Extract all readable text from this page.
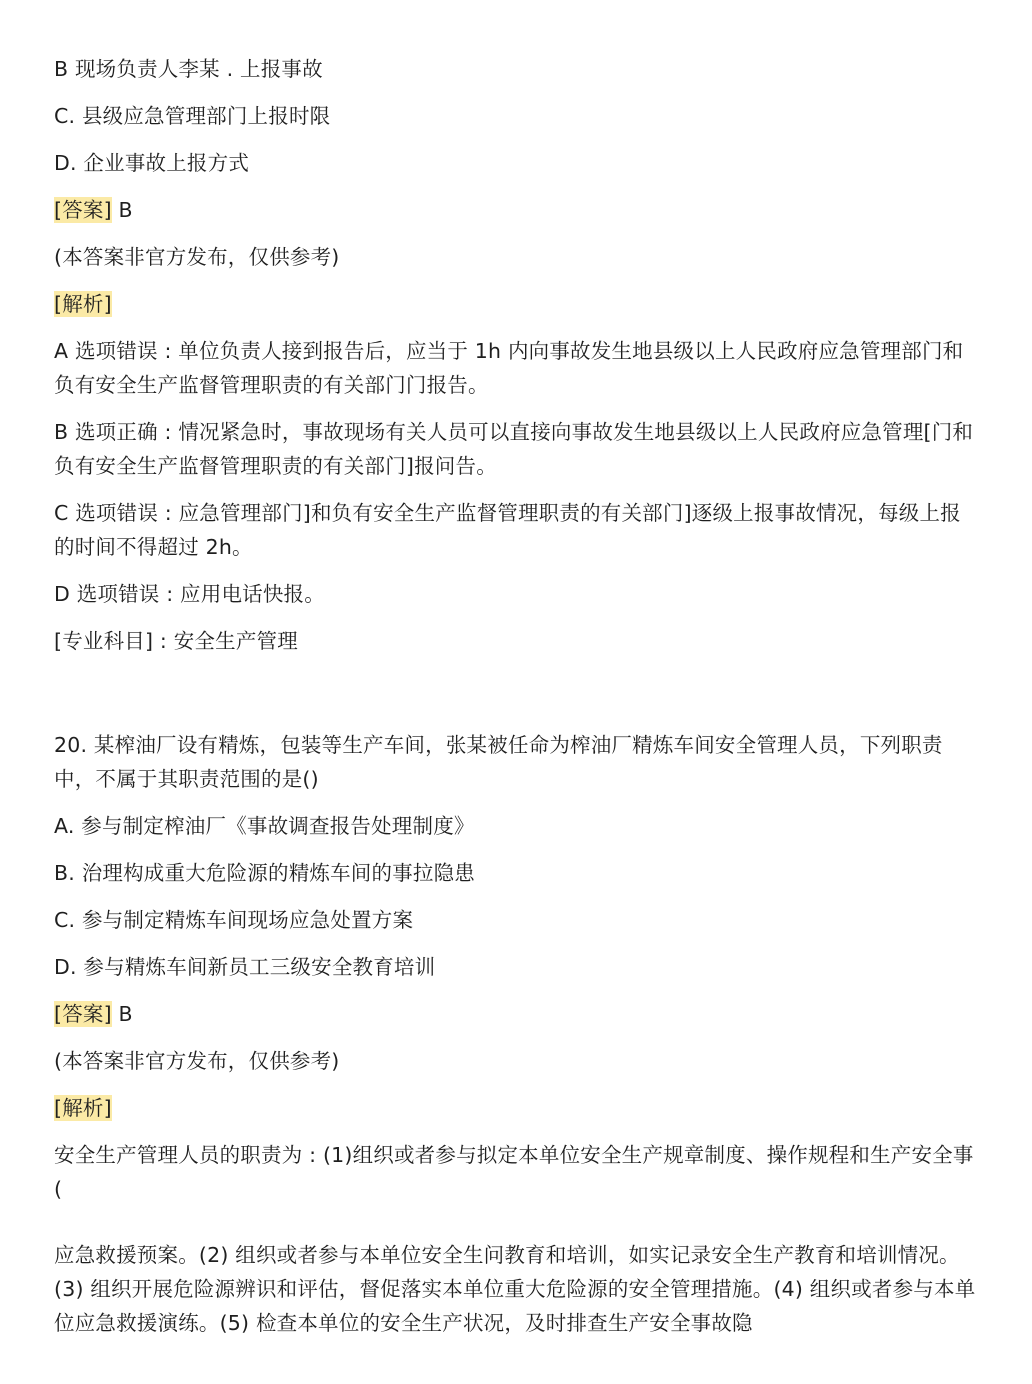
B 现场负责人李某 . 上报事故

C. 县级应急管理部门上报时限

D. 企业事故上报方式

[答案] B

(本答案非官方发布，仅供参考)

[解析]

A 选项错误 : 单位负责人接到报告后，应当于 1h 内向事故发生地县级以上人民政府应急管理部门和负有安全生产监督管理职责的有关部门门报告。

B 选项正确 : 情况紧急时，事故现场有关人员可以直接向事故发生地县级以上人民政府应急管理[门和负有安全生产监督管理职责的有关部门]报问告。

C 选项错误 : 应急管理部门]和负有安全生产监督管理职责的有关部门]逐级上报事故情况，每级上报的时间不得超过 2h。

D 选项错误 : 应用电话快报。

[专业科目] : 安全生产管理

20. 某榨油厂设有精炼，包装等生产车间，张某被任命为榨油厂精炼车间安全管理人员，下列职责中，不属于其职责范围的是()

A. 参与制定榨油厂《事故调查报告处理制度》

B. 治理构成重大危险源的精炼车间的事拉隐患

C. 参与制定精炼车间现场应急处置方案

D. 参与精炼车间新员工三级安全教育培训

[答案] B

(本答案非官方发布，仅供参考)

[解析]

安全生产管理人员的职责为 : (1)组织或者参与拟定本单位安全生产规章制度、操作规程和生产安全事(

应急救援预案。(2) 组织或者参与本单位安全生问教育和培训，如实记录安全生产教育和培训情况。(3) 组织开展危险源辨识和评估，督促落实本单位重大危险源的安全管理措施。(4) 组织或者参与本单位应急救援演练。(5) 检查本单位的安全生产状况，及时排查生产安全事故隐
